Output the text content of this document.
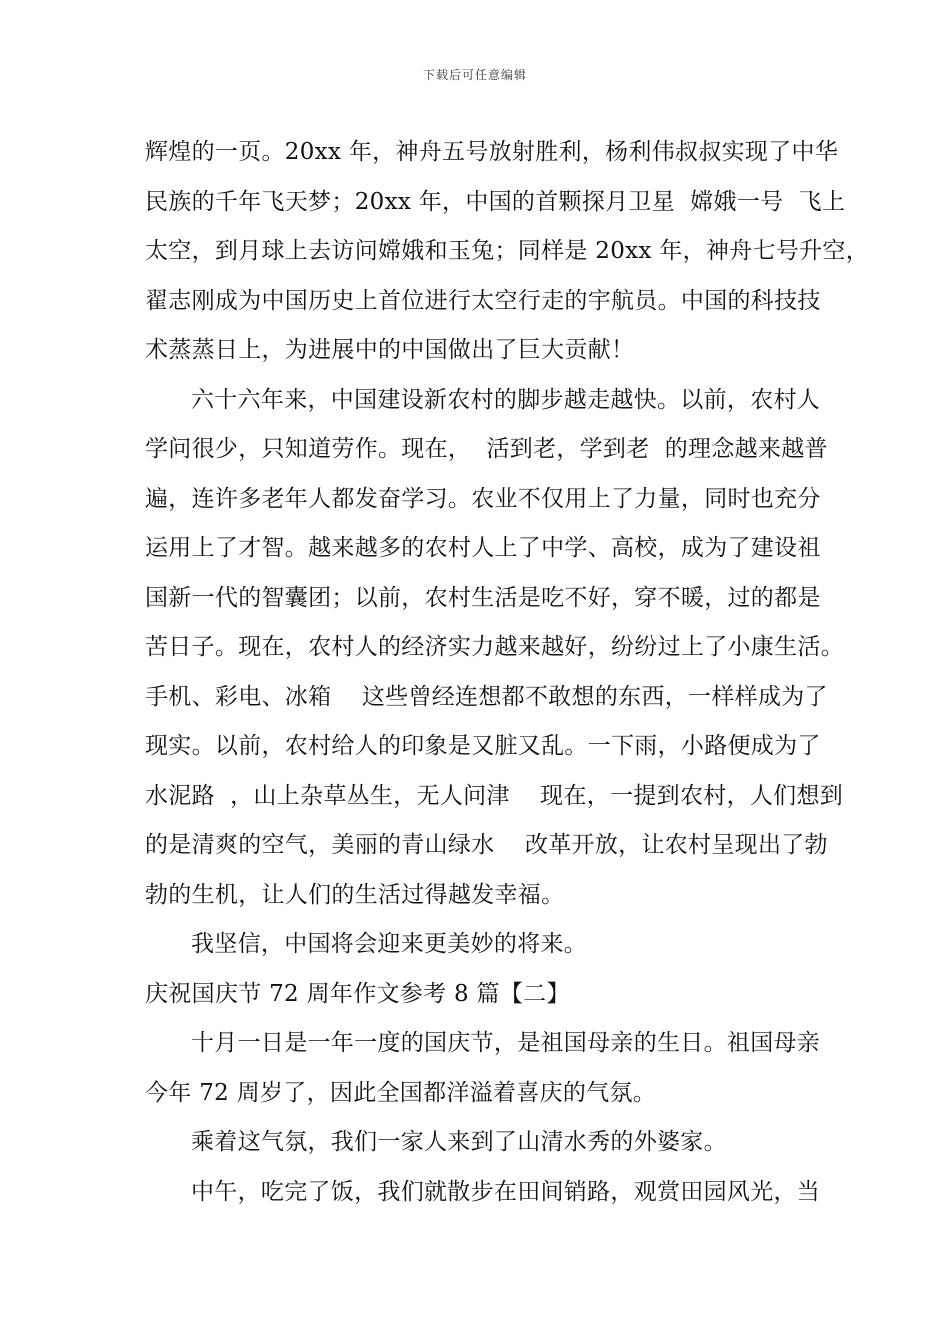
下载后可任意编辑
辉煌的一页。20xx 年，神舟五号放射胜利，杨利伟叔叔实现了中华
民族的千年飞天梦；20xx 年，中国的首颗探月卫星  嫦娥一号  飞上
太空，到月球上去访问嫦娥和玉兔；同样是 20xx 年，神舟七号升空，
翟志刚成为中国历史上首位进行太空行走的宇航员。中国的科技技
术蒸蒸日上，为进展中的中国做出了巨大贡献！
六十六年来，中国建设新农村的脚步越走越快。以前，农村人
学问很少，只知道劳作。现在，  活到老，学到老  的理念越来越普
遍，连许多老年人都发奋学习。农业不仅用上了力量，同时也充分
运用上了才智。越来越多的农村人上了中学、高校，成为了建设祖
国新一代的智囊团；以前，农村生活是吃不好，穿不暖，过的都是
苦日子。现在，农村人的经济实力越来越好，纷纷过上了小康生活。
手机、彩电、冰箱    这些曾经连想都不敢想的东西，一样样成为了
现实。以前，农村给人的印象是又脏又乱。一下雨，小路便成为了
水泥路  ，山上杂草丛生，无人问津    现在，一提到农村，人们想到
的是清爽的空气，美丽的青山绿水    改革开放，让农村呈现出了勃
勃的生机，让人们的生活过得越发幸福。
我坚信，中国将会迎来更美妙的将来。
庆祝国庆节 72 周年作文参考 8 篇【二】
十月一日是一年一度的国庆节，是祖国母亲的生日。祖国母亲
今年 72 周岁了，因此全国都洋溢着喜庆的气氛。
乘着这气氛，我们一家人来到了山清水秀的外婆家。
中午，吃完了饭，我们就散步在田间销路，观赏田园风光，当
